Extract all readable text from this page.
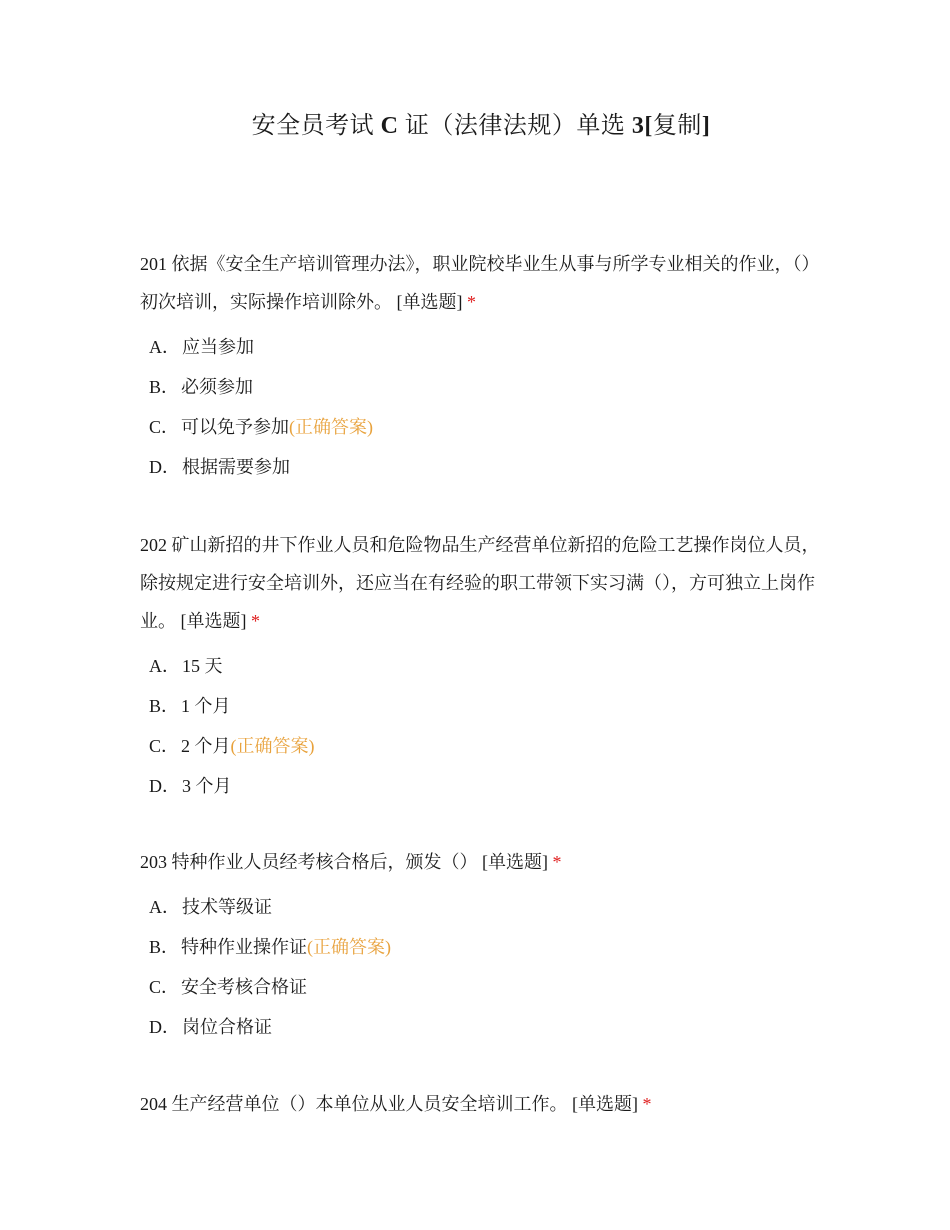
安全员考试 C 证（法律法规）单选 3[复制]

201 依据《安全生产培训管理办法》，职业院校毕业生从事与所学专业相关的作业，（）初次培训，实际操作培训除外。 [单选题] *

A． 应当参加
B． 必须参加
C． 可以免予参加(正确答案)
D． 根据需要参加

202 矿山新招的井下作业人员和危险物品生产经营单位新招的危险工艺操作岗位人员，除按规定进行安全培训外，还应当在有经验的职工带领下实习满（），方可独立上岗作业。 [单选题] *

A． 15 天
B． 1 个月
C． 2 个月(正确答案)
D． 3 个月

203 特种作业人员经考核合格后，颁发（） [单选题] *

A． 技术等级证
B． 特种作业操作证(正确答案)
C． 安全考核合格证
D． 岗位合格证

204 生产经营单位（）本单位从业人员安全培训工作。 [单选题] *
